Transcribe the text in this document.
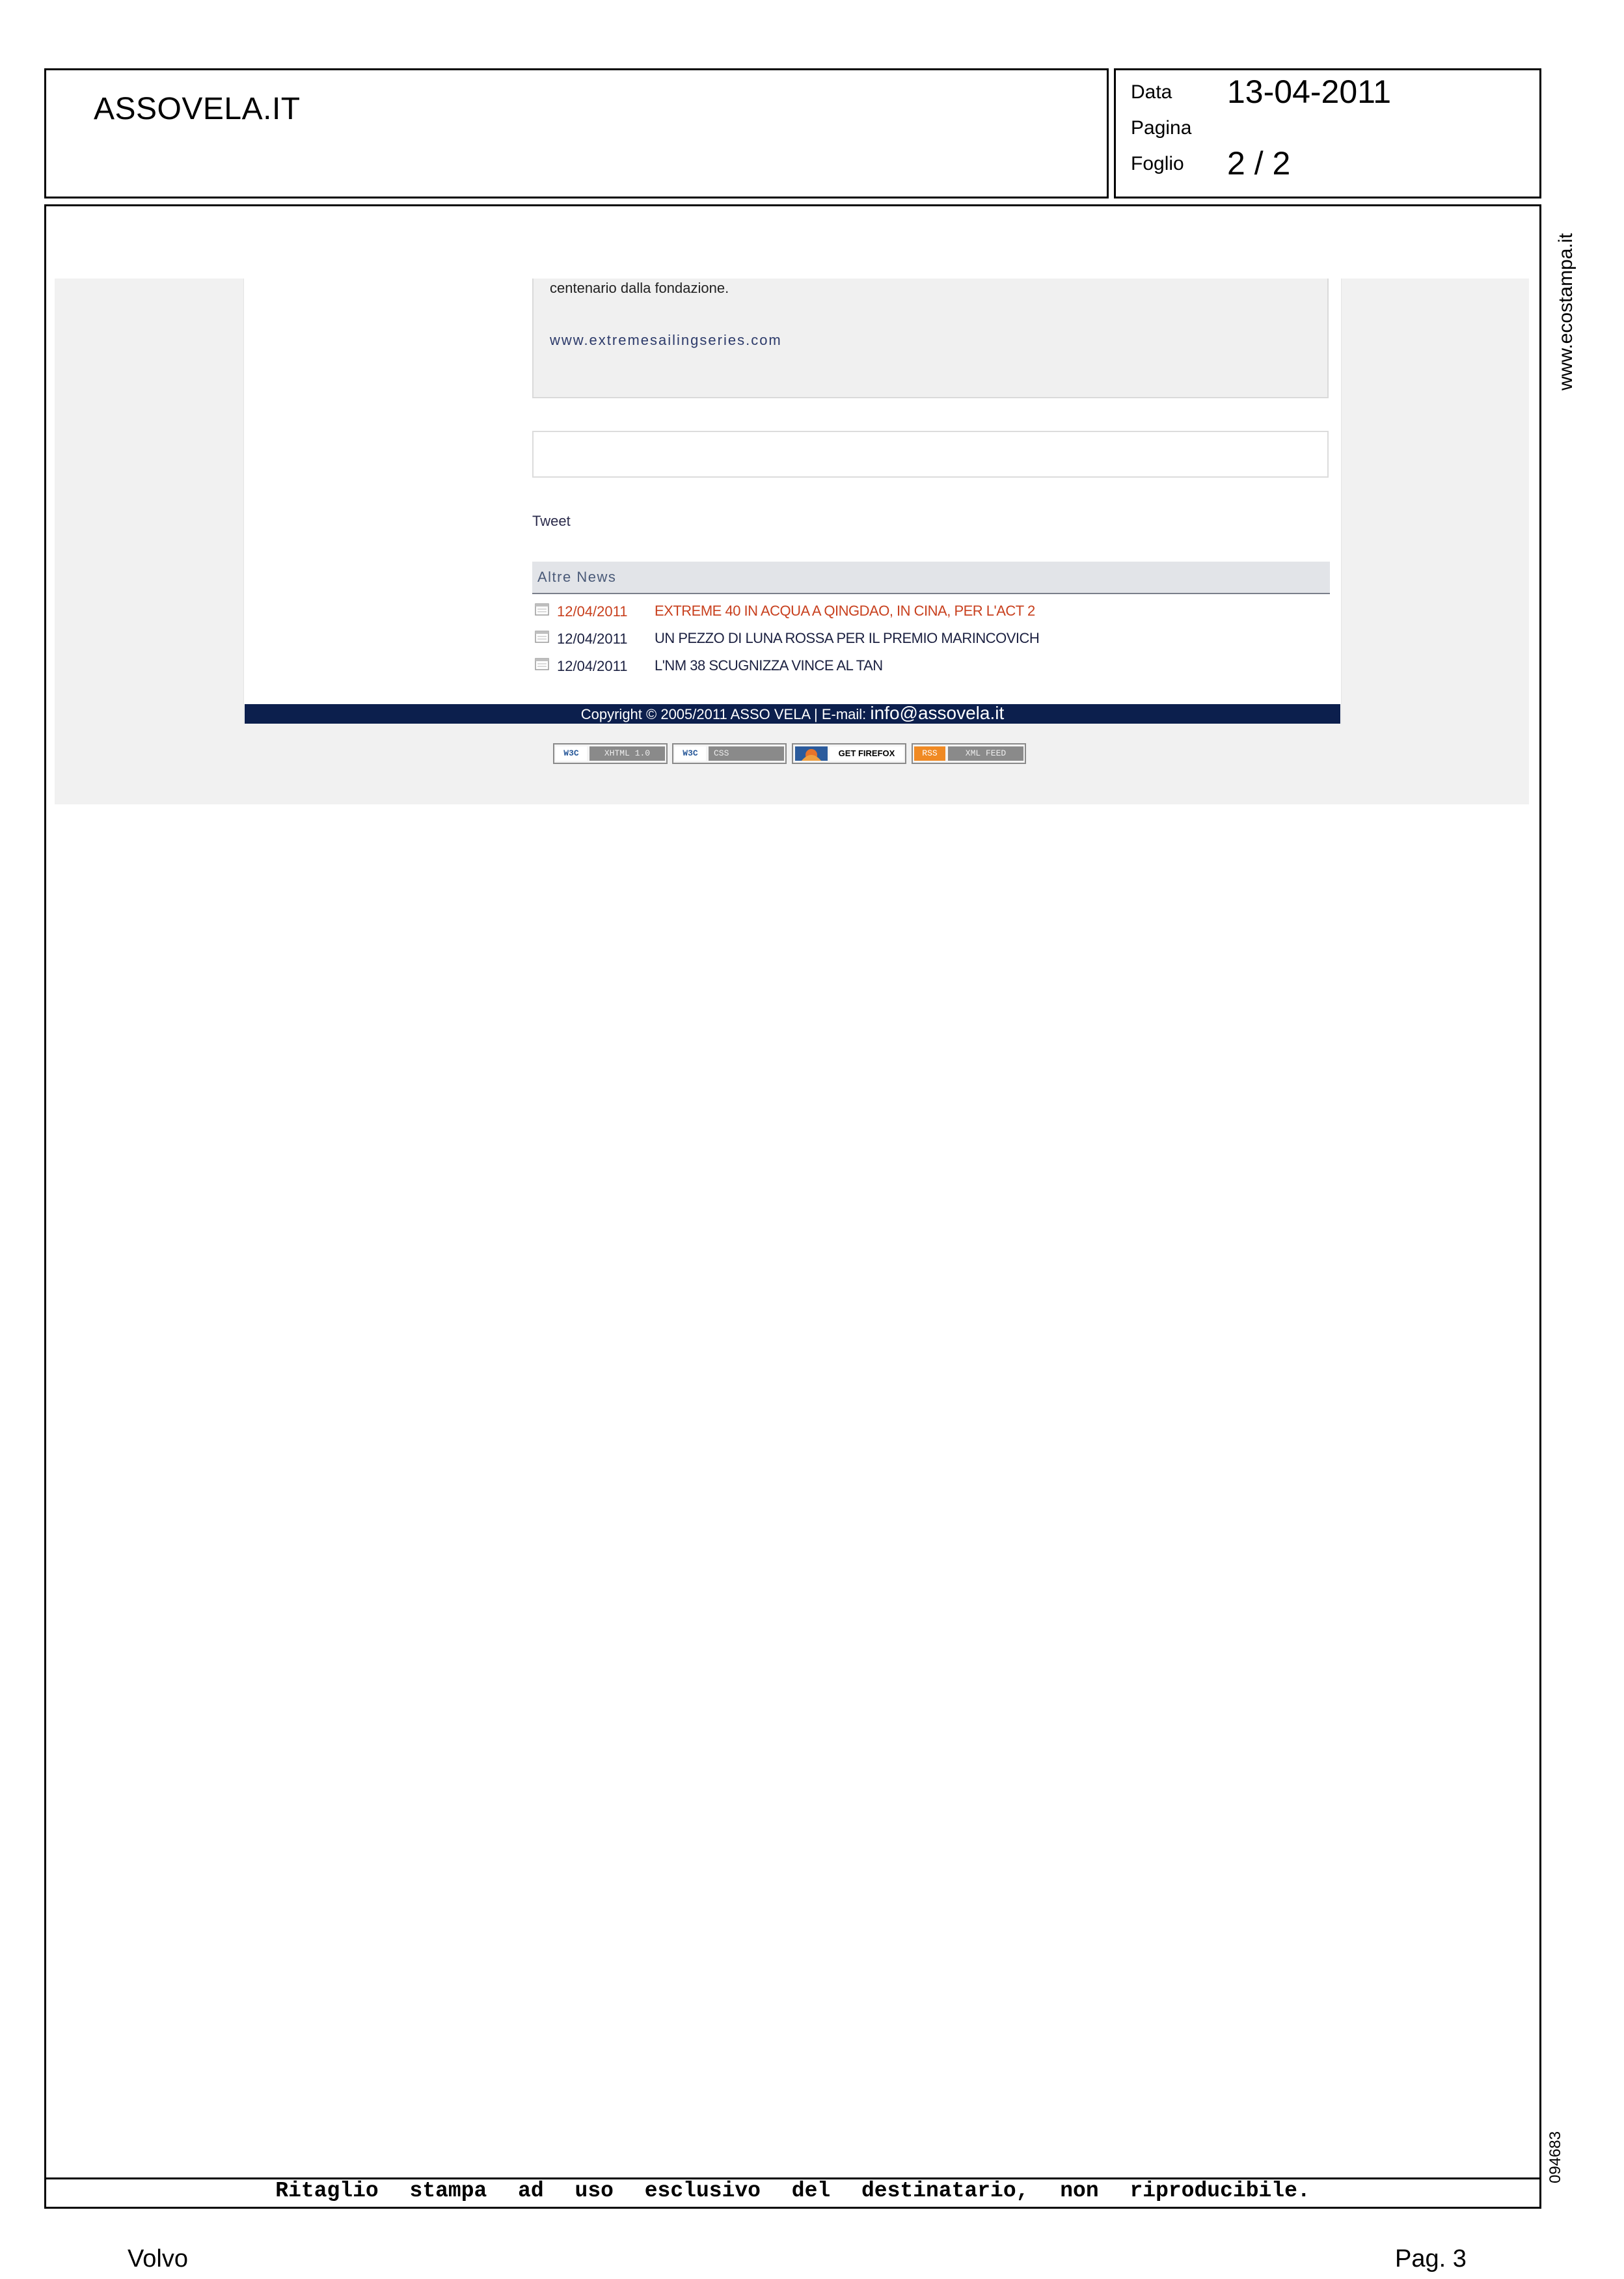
ASSOVELA.IT	Data 13-04-2011
Pagina
Foglio 2 / 2
Ritaglio stampa ad uso esclusivo del destinatario, non riproducibile.
www.ecostampa.it
094683
centenario dalla fondazione.
www.extremesailingseries.com
Tweet
Altre News
12/04/2011 EXTREME 40 IN ACQUA A QINGDAO, IN CINA, PER L'ACT 2
12/04/2011 UN PEZZO DI LUNA ROSSA PER IL PREMIO MARINCOVICH
12/04/2011 L'NM 38 SCUGNIZZA VINCE AL TAN
Copyright © 2005/2011 ASSO VELA | E-mail: info@assovela.it
W3C	XHTML 1.0	W3C	CSS	GET FIREFOX	RSS	XML FEED
Volvo	Pag. 3
